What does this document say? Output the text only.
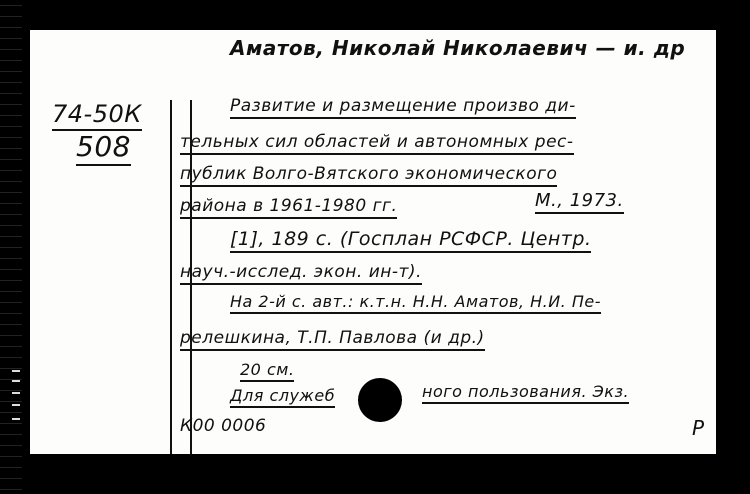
Аматов, Николай Николаевич — и. др
74-50К
508
Развитие и размещение произво ди-
тельных сил областей и автономных рес-
публик Волго-Вятского экономического
района в 1961-1980 гг.	М., 1973.
[1], 189 с. (Госплан РСФСР. Центр.
науч.-исслед. экон. ин-т).
На 2-й с. авт.: к.т.н. Н.Н. Аматов, Н.И. Пе-
релешкина, Т.П. Павлова (и др.)
20 см.
Для служеб	ного пользования. Экз.
К00 0006	Р
